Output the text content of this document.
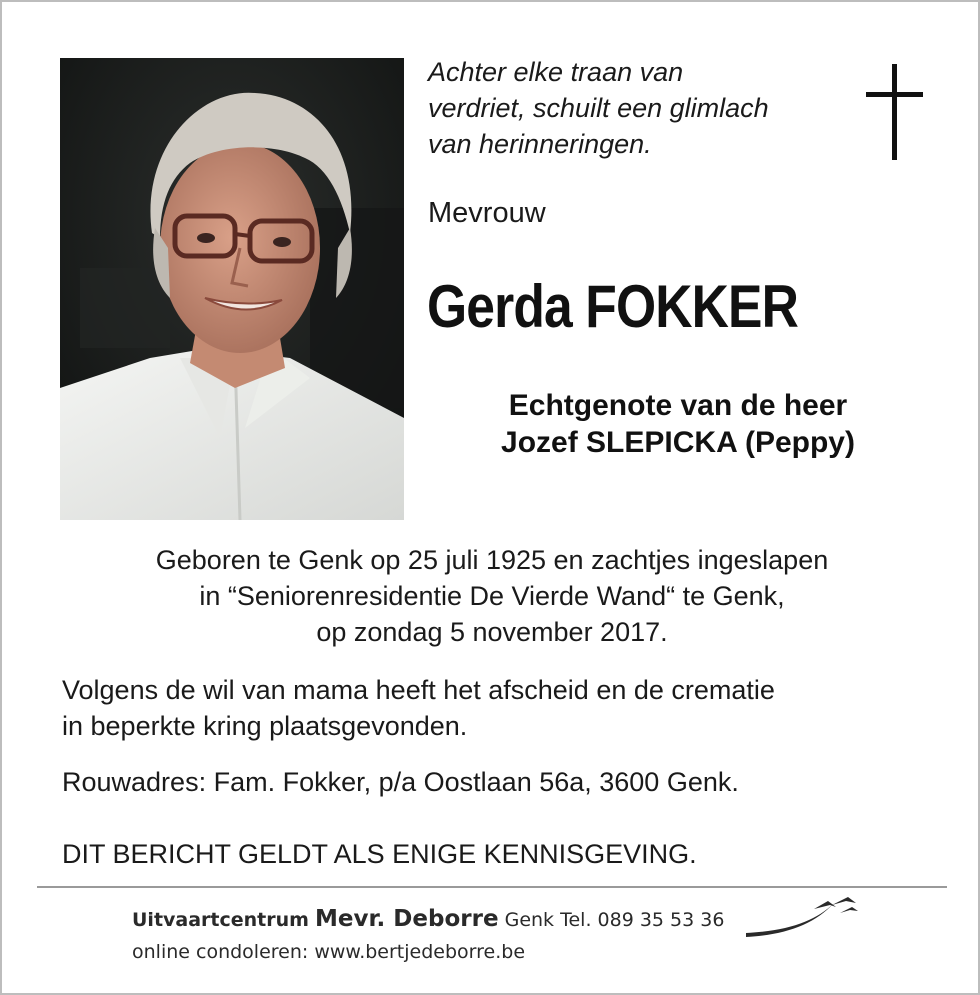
Achter elke traan van
verdriet, schuilt een glimlach
van herinneringen.
Mevrouw
Gerda FOKKER
Echtgenote van de heer
Jozef SLEPICKA (Peppy)
Geboren te Genk op 25 juli 1925 en zachtjes ingeslapen
in “Seniorenresidentie De Vierde Wand“ te Genk,
op zondag 5 november 2017.
Volgens de wil van mama heeft het afscheid en de crematie
in beperkte kring plaatsgevonden.
Rouwadres: Fam. Fokker, p/a Oostlaan 56a, 3600 Genk.
DIT BERICHT GELDT ALS ENIGE KENNISGEVING.
Uitvaartcentrum Mevr. Deborre Genk Tel. 089 35 53 36
online condoleren: www.bertjedeborre.be
